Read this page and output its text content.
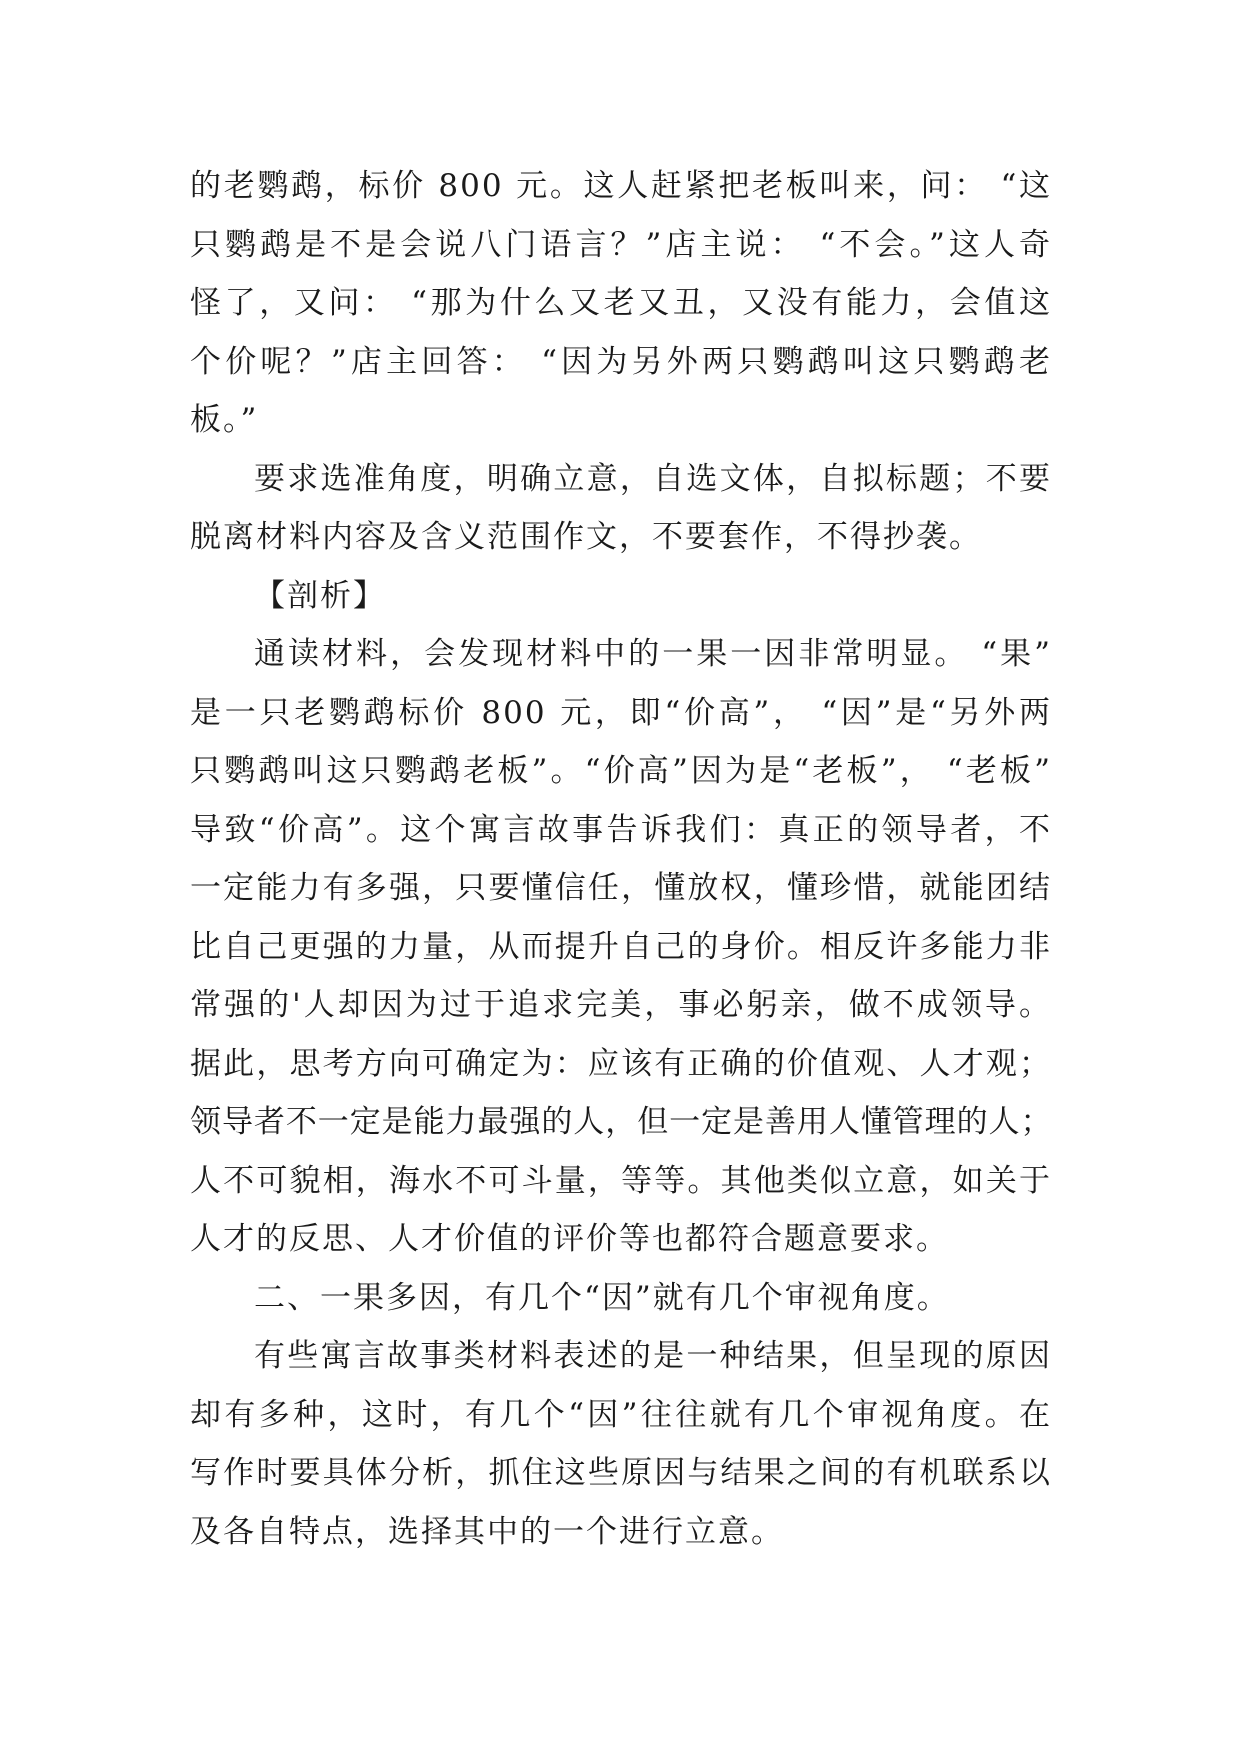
的老鹦鹉，标价 800 元。这人赶紧把老板叫来，问： “这
只鹦鹉是不是会说八门语言？”店主说： “不会。”这人奇
怪了，又问： “那为什么又老又丑，又没有能力，会值这
个价呢？”店主回答： “因为另外两只鹦鹉叫这只鹦鹉老
板。”
要求选准角度，明确立意，自选文体，自拟标题；不要
脱离材料内容及含义范围作文，不要套作，不得抄袭。
【剖析】
通读材料，会发现材料中的一果一因非常明显。 “果”
是一只老鹦鹉标价 800 元，即“价高”， “因”是“另外两
只鹦鹉叫这只鹦鹉老板”。“价高”因为是“老板”， “老板”
导致“价高”。这个寓言故事告诉我们：真正的领导者，不
一定能力有多强，只要懂信任，懂放权，懂珍惜，就能团结
比自己更强的力量，从而提升自己的身价。相反许多能力非
常强的'人却因为过于追求完美，事必躬亲，做不成领导。
据此，思考方向可确定为：应该有正确的价值观、人才观；
领导者不一定是能力最强的人，但一定是善用人懂管理的人；
人不可貌相，海水不可斗量，等等。其他类似立意，如关于
人才的反思、人才价值的评价等也都符合题意要求。
二、一果多因，有几个“因”就有几个审视角度。
有些寓言故事类材料表述的是一种结果，但呈现的原因
却有多种，这时，有几个“因”往往就有几个审视角度。在
写作时要具体分析，抓住这些原因与结果之间的有机联系以
及各自特点，选择其中的一个进行立意。
